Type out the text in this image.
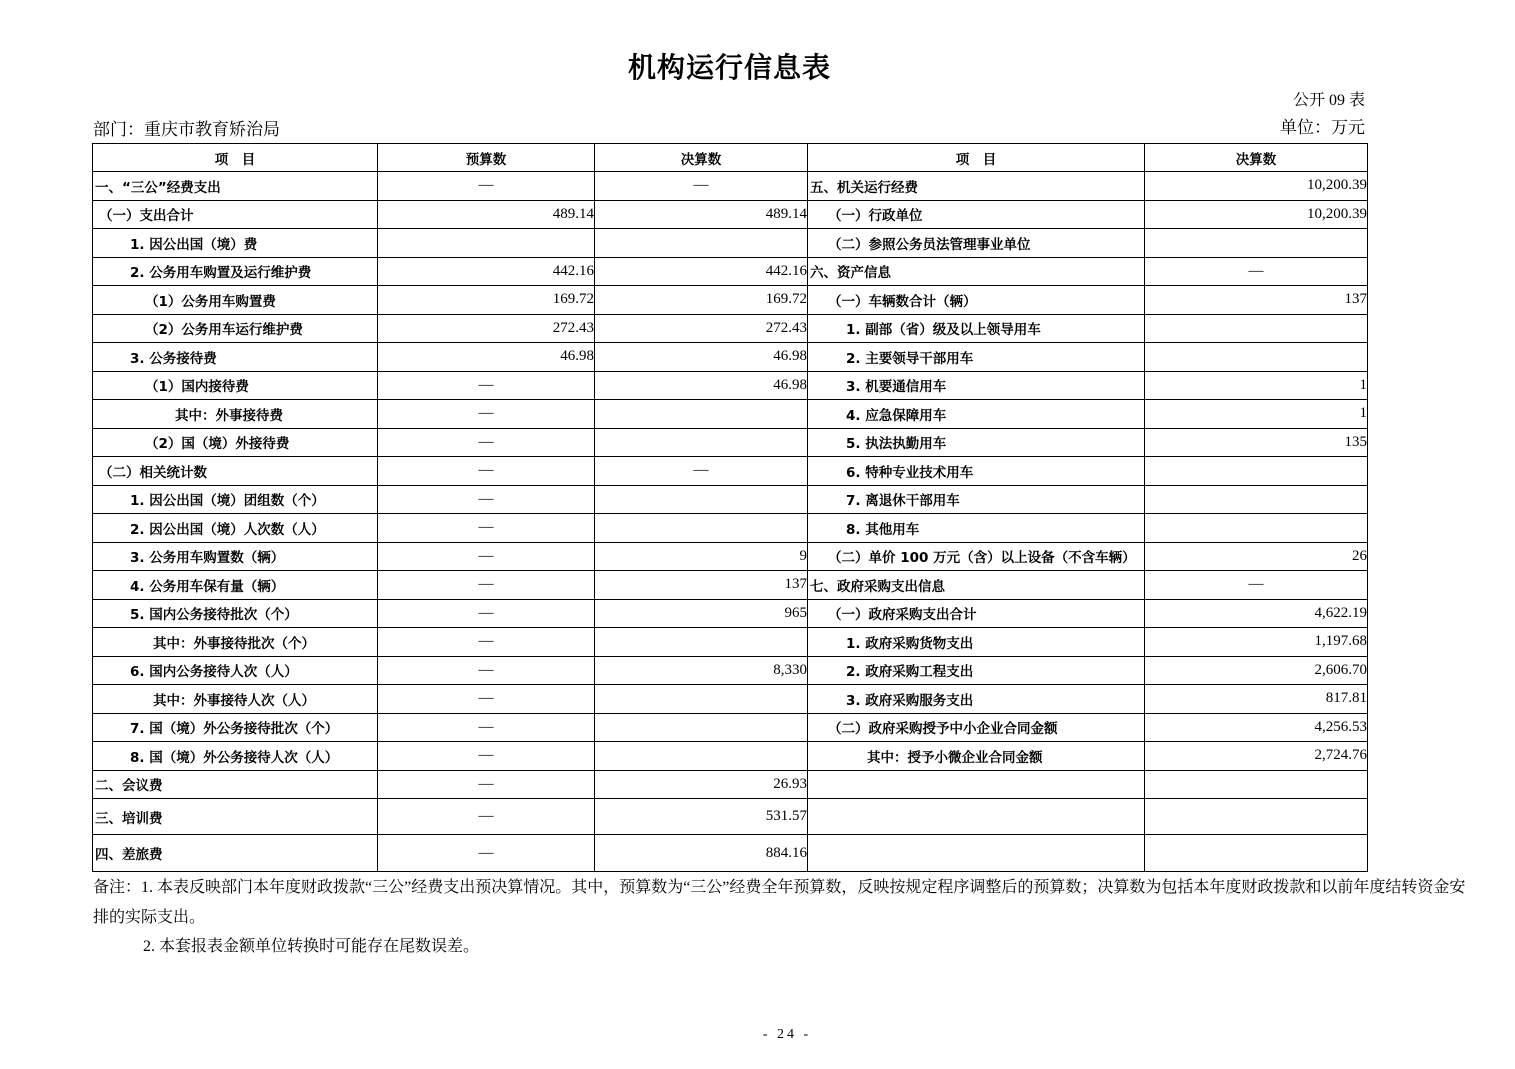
机构运行信息表
公开 09 表
部门：重庆市教育矫治局	单位：万元
项　目	预算数	决算数	项　目	决算数
一、“三公”经费支出	—	—	五、机关运行经费	10,200.39
（一）支出合计	489.14	489.14	（一）行政单位	10,200.39
1. 因公出国（境）费			（二）参照公务员法管理事业单位	
2. 公务用车购置及运行维护费	442.16	442.16	六、资产信息	—
（1）公务用车购置费	169.72	169.72	（一）车辆数合计（辆）	137
（2）公务用车运行维护费	272.43	272.43	1. 副部（省）级及以上领导用车	
3. 公务接待费	46.98	46.98	2. 主要领导干部用车	
（1）国内接待费	—	46.98	3. 机要通信用车	1
其中：外事接待费	—		4. 应急保障用车	1
（2）国（境）外接待费	—		5. 执法执勤用车	135
（二）相关统计数	—	—	6. 特种专业技术用车	
1. 因公出国（境）团组数（个）	—		7. 离退休干部用车	
2. 因公出国（境）人次数（人）	—		8. 其他用车	
3. 公务用车购置数（辆）	—	9	（二）单价 100 万元（含）以上设备（不含车辆）	26
4. 公务用车保有量（辆）	—	137	七、政府采购支出信息	—
5. 国内公务接待批次（个）	—	965	（一）政府采购支出合计	4,622.19
其中：外事接待批次（个）	—		1. 政府采购货物支出	1,197.68
6. 国内公务接待人次（人）	—	8,330	2. 政府采购工程支出	2,606.70
其中：外事接待人次（人）	—		3. 政府采购服务支出	817.81
7. 国（境）外公务接待批次（个）	—		（二）政府采购授予中小企业合同金额	4,256.53
8. 国（境）外公务接待人次（人）	—		其中：授予小微企业合同金额	2,724.76
二、会议费	—	26.93		
三、培训费	—	531.57		
四、差旅费	—	884.16		

备注：1. 本表反映部门本年度财政拨款“三公”经费支出预决算情况。其中，预算数为“三公”经费全年预算数，反映按规定程序调整后的预算数；决算数为包括本年度财政拨款和以前年度结转资金安排的实际支出。

2. 本套报表金额单位转换时可能存在尾数误差。

- 24 -
